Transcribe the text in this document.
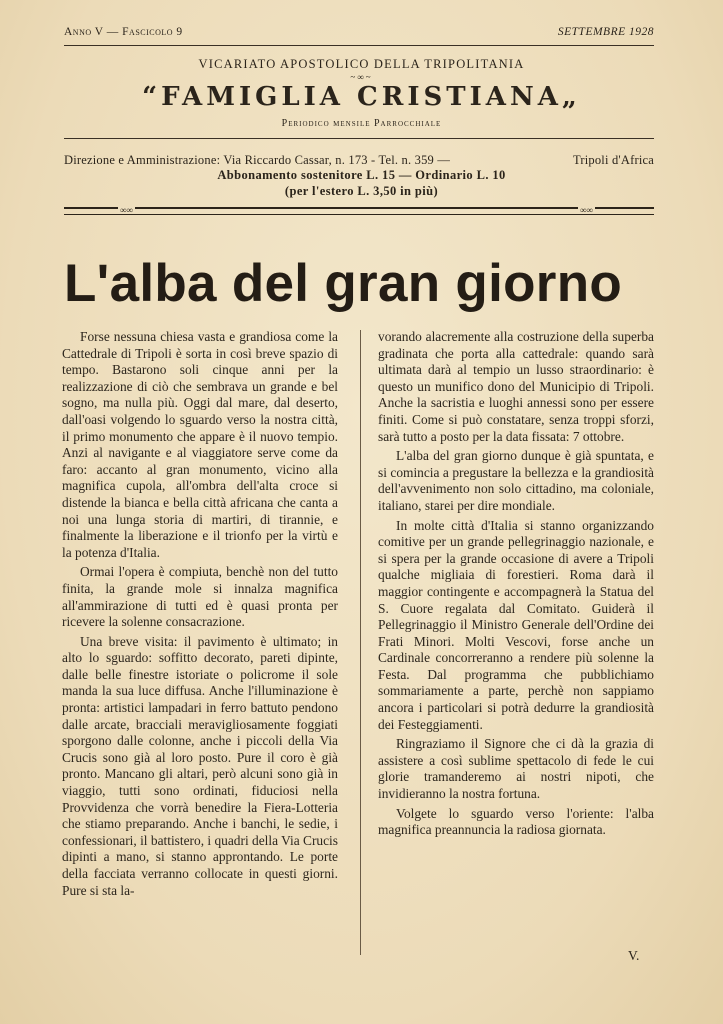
Anno V — Fascicolo 9	SETTEMBRE 1928
VICARIATO APOSTOLICO DELLA TRIPOLITANIA
~∞~
“FAMIGLIA CRISTIANA„
Periodico mensile Parrocchiale
Direzione e Amministrazione: Via Riccardo Cassar, n. 173 - Tel. n. 359 —	Tripoli d'Africa
Abbonamento sostenitore L. 15 — Ordinario L. 10
(per l'estero L. 3,50 in più)
∞∞	∞∞
L'alba del gran giorno

Forse nessuna chiesa vasta e grandiosa come la Cattedrale di Tripoli è sorta in così breve spazio di tempo. Bastarono soli cinque anni per la realizzazione di ciò che sembrava un grande e bel sogno, ma nulla più. Oggi dal mare, dal deserto, dall'oasi volgendo lo sguardo verso la nostra città, il primo monumento che appare è il nuovo tempio. Anzi al navigante e al viaggiatore serve come da faro: accanto al gran monumento, vicino alla magnifica cupola, all'ombra dell'alta croce si distende la bianca e bella città africana che canta a noi una lunga storia di martiri, di tirannie, e finalmente la liberazione e il trionfo per la virtù e la potenza d'Italia.

Ormai l'opera è compiuta, benchè non del tutto finita, la grande mole si innalza magnifica all'ammirazione di tutti ed è quasi pronta per ricevere la solenne consacrazione.

Una breve visita: il pavimento è ultimato; in alto lo sguardo: soffitto decorato, pareti dipinte, dalle belle finestre istoriate o policrome il sole manda la sua luce diffusa. Anche l'illuminazione è pronta: artistici lampadari in ferro battuto pendono dalle arcate, bracciali meravigliosamente foggiati sporgono dalle colonne, anche i piccoli della Via Crucis sono già al loro posto. Pure il coro è già pronto. Mancano gli altari, però alcuni sono già in viaggio, tutti sono ordinati, fiduciosi nella Provvidenza che vorrà benedire la Fiera-Lotteria che stiamo preparando. Anche i banchi, le sedie, i confessionari, il battistero, i quadri della Via Crucis dipinti a mano, si stanno approntando. Le porte della facciata verranno collocate in questi giorni. Pure si sta la-

vorando alacremente alla costruzione della superba gradinata che porta alla cattedrale: quando sarà ultimata darà al tempio un lusso straordinario: è questo un munifico dono del Municipio di Tripoli. Anche la sacristia e luoghi annessi sono per essere finiti. Come si può constatare, senza troppi sforzi, sarà tutto a posto per la data fissata: 7 ottobre.

L'alba del gran giorno dunque è già spuntata, e si comincia a pregustare la bellezza e la grandiosità dell'avvenimento non solo cittadino, ma coloniale, italiano, starei per dire mondiale.

In molte città d'Italia si stanno organizzando comitive per un grande pellegrinaggio nazionale, e si spera per la grande occasione di avere a Tripoli qualche migliaia di forestieri. Roma darà il maggior contingente e accompagnerà la Statua del S. Cuore regalata dal Comitato. Guiderà il Pellegrinaggio il Ministro Generale dell'Ordine dei Frati Minori. Molti Vescovi, forse anche un Cardinale concorreranno a rendere più solenne la Festa. Dal programma che pubblichiamo sommariamente a parte, perchè non sappiamo ancora i particolari si potrà dedurre la grandiosità dei Festeggiamenti.

Ringraziamo il Signore che ci dà la grazia di assistere a così sublime spettacolo di fede le cui glorie tramanderemo ai nostri nipoti, che invidieranno la nostra fortuna.

Volgete lo sguardo verso l'oriente: l'alba magnifica preannuncia la radiosa giornata.

V.
